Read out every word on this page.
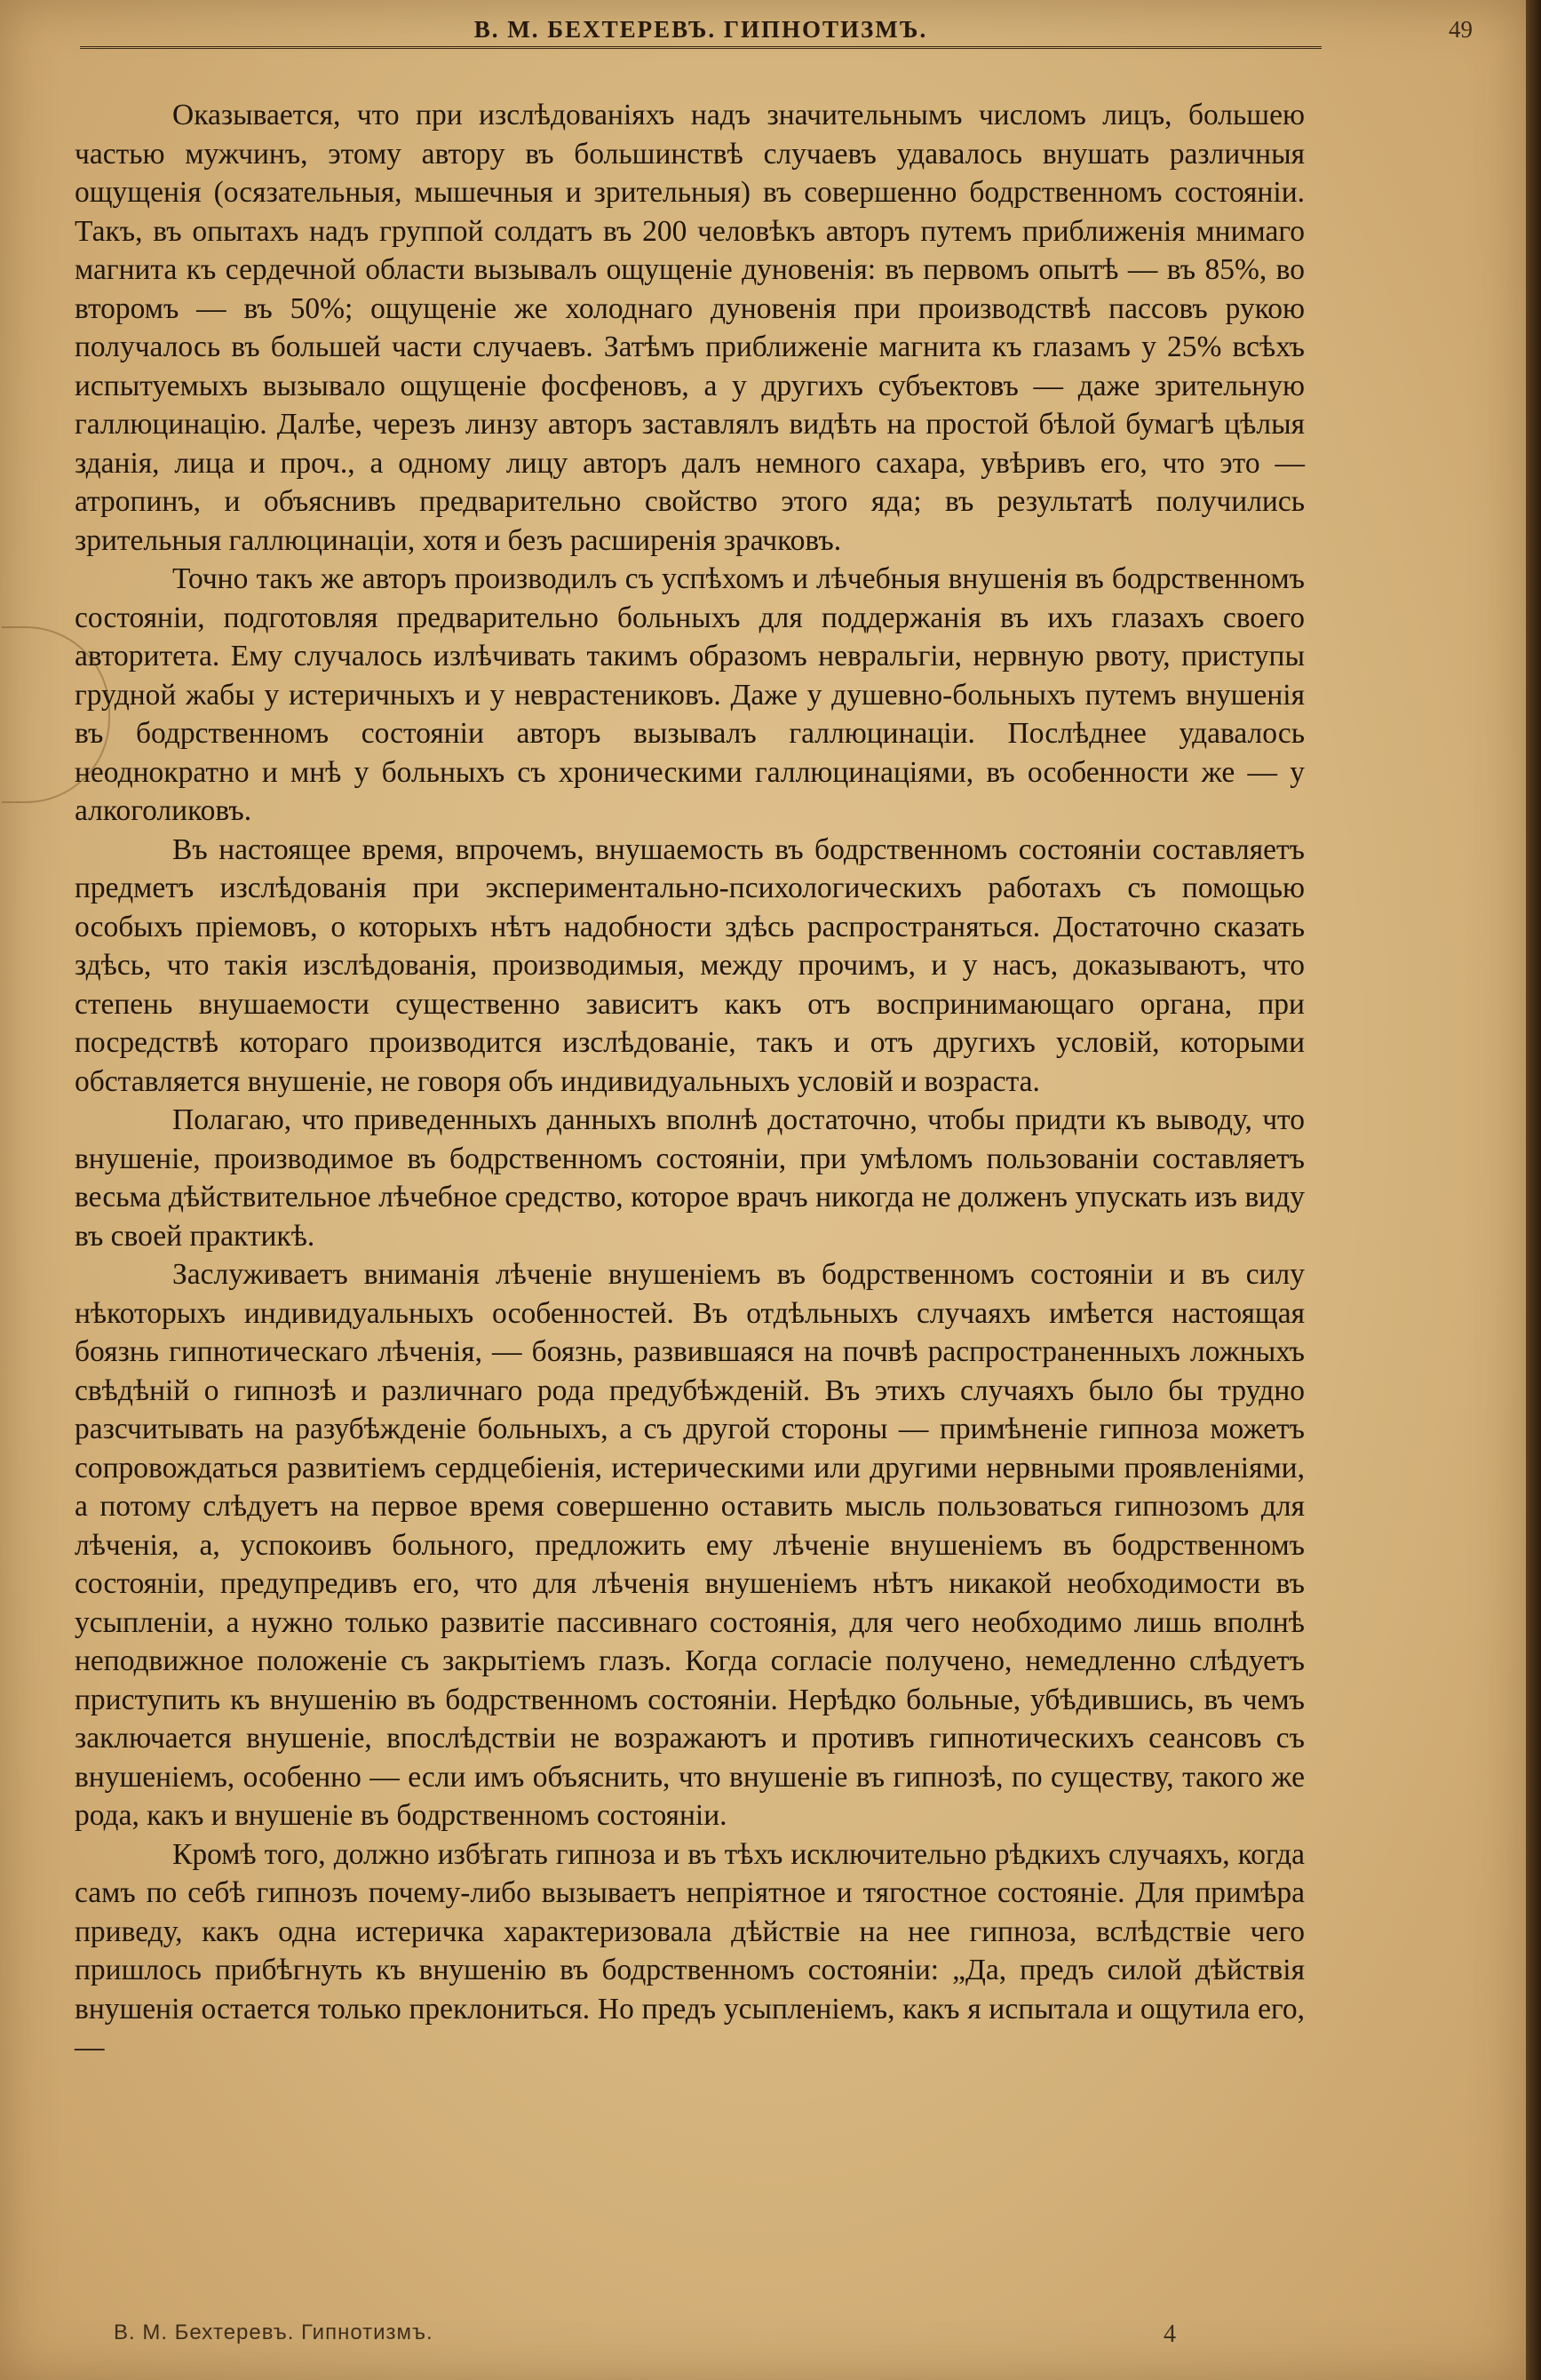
В. М. БЕХТЕРЕВЪ. ГИПНОТИЗМЪ.	49

Оказывается, что при изслѣдованіяхъ надъ значительнымъ числомъ лицъ, большею частью мужчинъ, этому автору въ большинствѣ случаевъ удавалось внушать различныя ощущенія (осязательныя, мышечныя и зрительныя) въ совершенно бодрственномъ состояніи. Такъ, въ опытахъ надъ группой солдатъ въ 200 человѣкъ авторъ путемъ приближенія мнимаго магнита къ сердечной области вызывалъ ощущеніе дуновенія: въ первомъ опытѣ — въ 85%, во второмъ — въ 50%; ощущеніе же холоднаго дуновенія при производствѣ пассовъ рукою получалось въ большей части случаевъ. Затѣмъ приближеніе магнита къ глазамъ у 25% всѣхъ испытуемыхъ вызывало ощущеніе фосфеновъ, а у другихъ субъектовъ — даже зрительную галлюцинацію. Далѣе, черезъ линзу авторъ заставлялъ видѣть на простой бѣлой бумагѣ цѣлыя зданія, лица и проч., а одному лицу авторъ далъ немного сахара, увѣривъ его, что это — атропинъ, и объяснивъ предварительно свойство этого яда; въ результатѣ получились зрительныя галлюцинаціи, хотя и безъ расширенія зрачковъ.

Точно такъ же авторъ производилъ съ успѣхомъ и лѣчебныя внушенія въ бодрственномъ состояніи, подготовляя предварительно больныхъ для поддержанія въ ихъ глазахъ своего авторитета. Ему случалось излѣчивать такимъ образомъ невральгіи, нервную рвоту, приступы грудной жабы у истеричныхъ и у неврастениковъ. Даже у душевно-больныхъ путемъ внушенія въ бодрственномъ состояніи авторъ вызывалъ галлюцинаціи. Послѣднее удавалось неоднократно и мнѣ у больныхъ съ хроническими галлюцинаціями, въ особенности же — у алкоголиковъ.

Въ настоящее время, впрочемъ, внушаемость въ бодрственномъ состояніи составляетъ предметъ изслѣдованія при экспериментально-психологическихъ работахъ съ помощью особыхъ пріемовъ, о которыхъ нѣтъ надобности здѣсь распространяться. Достаточно сказать здѣсь, что такія изслѣдованія, производимыя, между прочимъ, и у насъ, доказываютъ, что степень внушаемости существенно зависитъ какъ отъ воспринимающаго органа, при посредствѣ котораго производится изслѣдованіе, такъ и отъ другихъ условій, которыми обставляется внушеніе, не говоря объ индивидуальныхъ условій и возраста.

Полагаю, что приведенныхъ данныхъ вполнѣ достаточно, чтобы придти къ выводу, что внушеніе, производимое въ бодрственномъ состояніи, при умѣломъ пользованіи составляетъ весьма дѣйствительное лѣчебное средство, которое врачъ никогда не долженъ упускать изъ виду въ своей практикѣ.

Заслуживаетъ вниманія лѣченіе внушеніемъ въ бодрственномъ состояніи и въ силу нѣкоторыхъ индивидуальныхъ особенностей. Въ отдѣльныхъ случаяхъ имѣется настоящая боязнь гипнотическаго лѣченія, — боязнь, развившаяся на почвѣ распространенныхъ ложныхъ свѣдѣній о гипнозѣ и различнаго рода предубѣжденій. Въ этихъ случаяхъ было бы трудно разсчитывать на разубѣжденіе больныхъ, а съ другой стороны — примѣненіе гипноза можетъ сопровождаться развитіемъ сердцебіенія, истерическими или другими нервными проявленіями, а потому слѣдуетъ на первое время совершенно оставить мысль пользоваться гипнозомъ для лѣченія, а, успокоивъ больного, предложить ему лѣченіе внушеніемъ въ бодрственномъ состояніи, предупредивъ его, что для лѣченія внушеніемъ нѣтъ никакой необходимости въ усыпленіи, а нужно только развитіе пассивнаго состоянія, для чего необходимо лишь вполнѣ неподвижное положеніе съ закрытіемъ глазъ. Когда согласіе получено, немедленно слѣдуетъ приступить къ внушенію въ бодрственномъ состояніи. Нерѣдко больные, убѣдившись, въ чемъ заключается внушеніе, впослѣдствіи не возражаютъ и противъ гипнотическихъ сеансовъ съ внушеніемъ, особенно — если имъ объяснить, что внушеніе въ гипнозѣ, по существу, такого же рода, какъ и внушеніе въ бодрственномъ состояніи.

Кромѣ того, должно избѣгать гипноза и въ тѣхъ исключительно рѣдкихъ случаяхъ, когда самъ по себѣ гипнозъ почему-либо вызываетъ непріятное и тягостное состояніе. Для примѣра приведу, какъ одна истеричка характеризовала дѣйствіе на нее гипноза, вслѣдствіе чего пришлось прибѣгнуть къ внушенію въ бодрственномъ состояніи: „Да, предъ силой дѣйствія внушенія остается только преклониться. Но предъ усыпленіемъ, какъ я испытала и ощутила его, —

В. М. Бехтеревъ. Гипнотизмъ.	4
